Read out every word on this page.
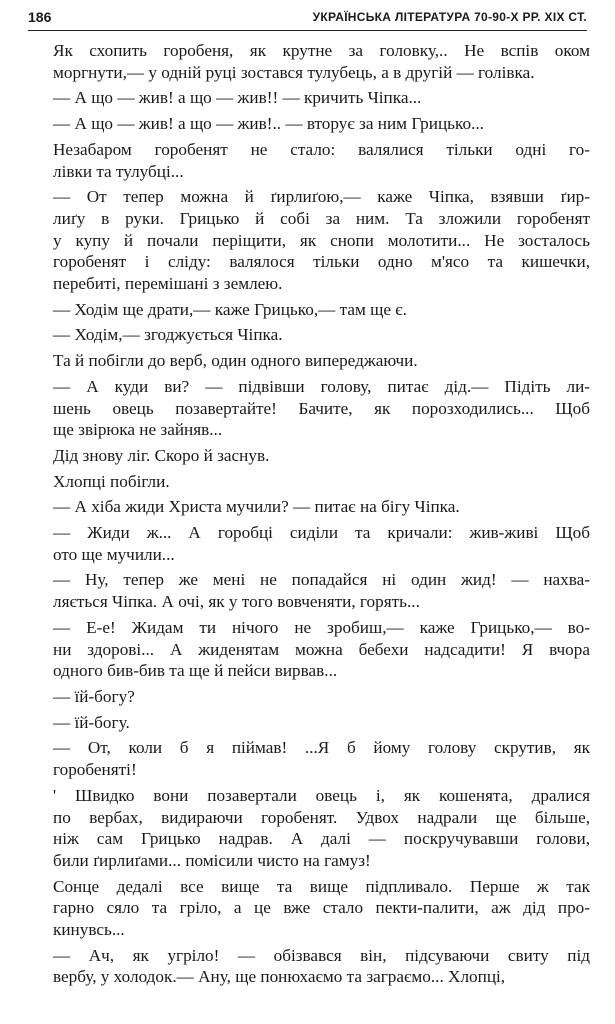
186	УКРАЇНСЬКА ЛІТЕРАТУРА 70-90-Х РР. XIX СТ.

Як схопить горобеня, як крутне за головку,.. Не вспів оком
моргнути,— у одній руці зостався тулубець, а в другій — голівка.

— А що — жив! а що — жив!! — кричить Чіпка...

— А що — жив! а що — жив!.. — вторує за ним Грицько...

Незабаром горобенят не стало: валялися тільки одні го-
лівки та тулубці...

— От тепер можна й ґирлиґою,— каже Чіпка, взявши ґир-
лиґу в руки. Грицько й собі за ним. Та зложили горобенят
у купу й почали періщити, як снопи молотити... Не зосталось
горобенят і сліду: валялося тільки одно м'ясо та кишечки,
перебиті, перемішані з землею.

— Ходім ще драти,— каже Грицько,— там ще є.

— Ходім,— згоджується Чіпка.

Та й побігли до верб, один одного випереджаючи.

— А куди ви? — підвівши голову, питає дід.— Підіть ли-
шень овець позавертайте! Бачите, як порозходились... Щоб
ще звірюка не зайняв...

Дід знову ліг. Скоро й заснув.

Хлопці побігли.

— А хіба жиди Христа мучили? — питає на бігу Чіпка.

— Жиди ж... А горобці сиділи та кричали: жив-живі Щоб
ото ще мучили...

— Ну, тепер же мені не попадайся ні один жид! — нахва-
ляється Чіпка. А очі, як у того вовченяти, горять...

— Е-е! Жидам ти нічого не зробиш,— каже Грицько,— во-
ни здорові... А жиденятам можна бебехи надсадити! Я вчора
одного бив-бив та ще й пейси вирвав...

— їй-богу?

— їй-богу.

— От, коли б я піймав! ...Я б йому голову скрутив, як
горобеняті!

' Швидко вони позавертали овець і, як кошенята, дралися
по вербах, видираючи горобенят. Удвох надрали ще більше,
ніж сам Грицько надрав. А далі — поскручувавши голови,
били ґирлиґами... помісили чисто на гамуз!

Сонце дедалі все вище та вище підпливало. Перше ж так
гарно сяло та гріло, а це вже стало пекти-палити, аж дід про-
кинувсь...

— Ач, як угріло! — обізвався він, підсуваючи свиту під
вербу, у холодок.— Ану, ще понюхаємо та заграємо... Хлопці,
